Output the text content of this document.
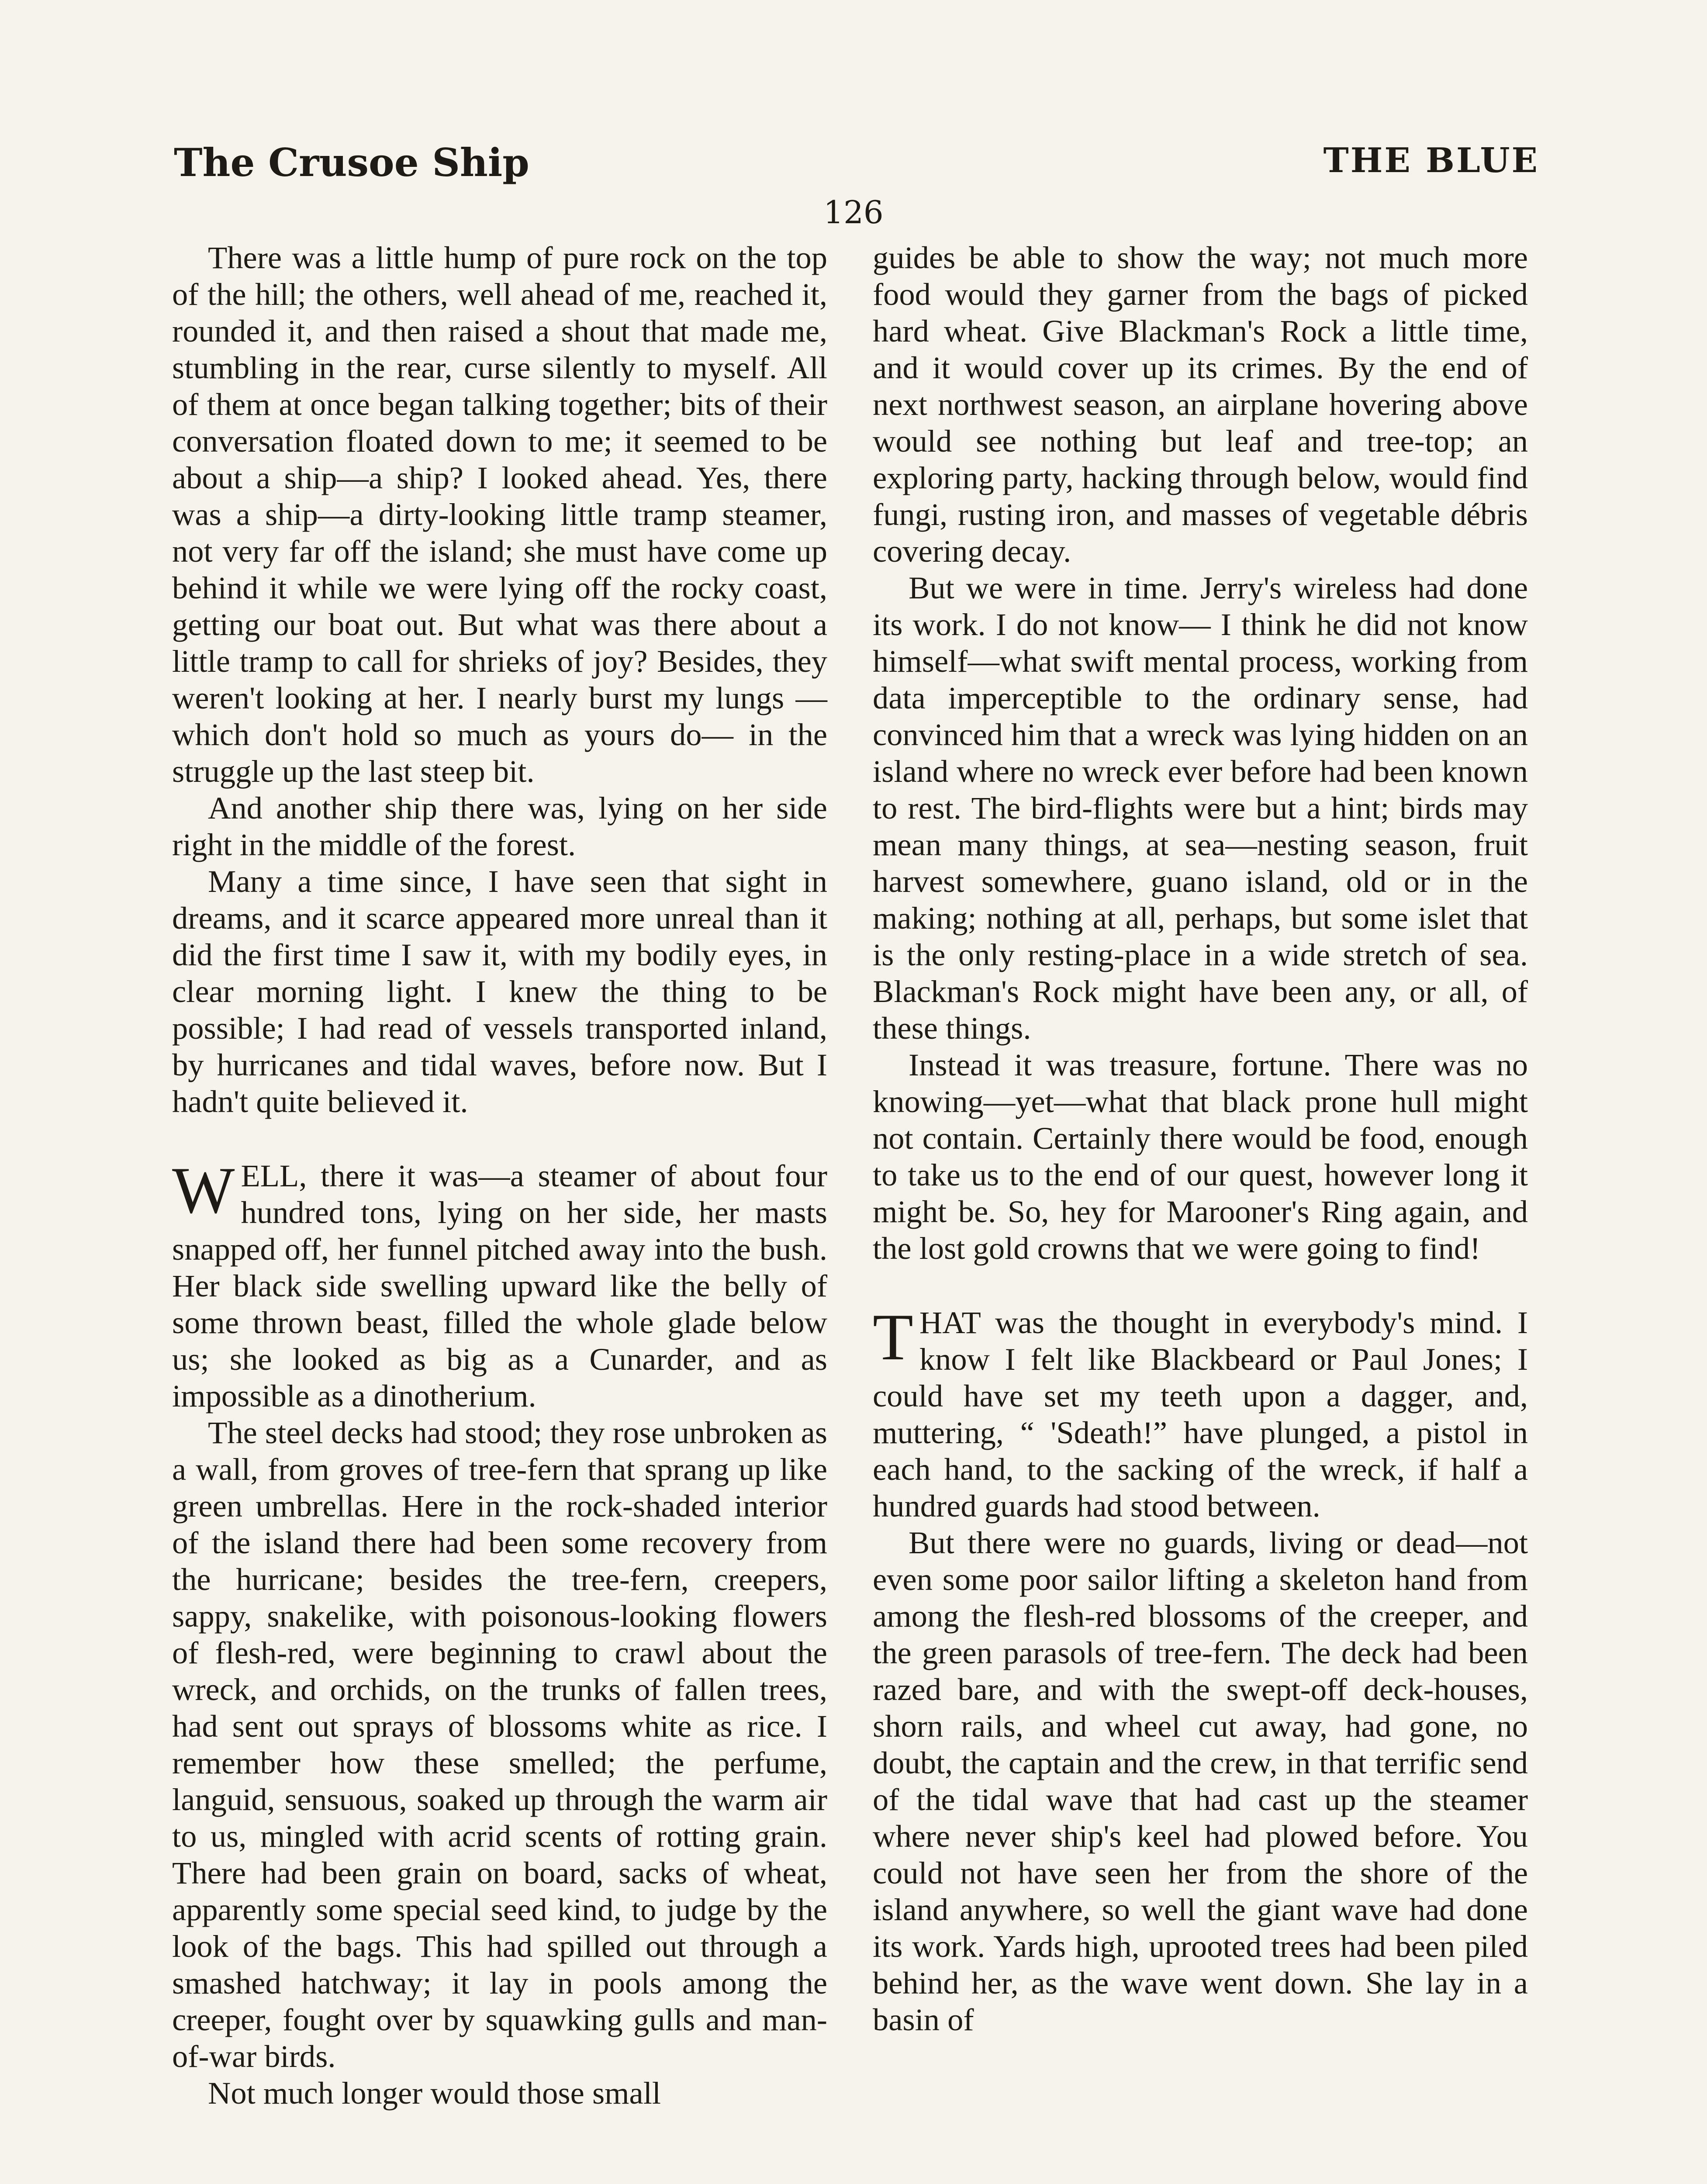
The Crusoe Ship	THE BLUE
126

There was a little hump of pure rock on the top of the hill; the others, well ahead of me, reached it, rounded it, and then raised a shout that made me, stumbling in the rear, curse silently to myself. All of them at once began talking together; bits of their conversation floated down to me; it seemed to be about a ship—a ship? I looked ahead. Yes, there was a ship—a dirty-looking little tramp steamer, not very far off the island; she must have come up behind it while we were lying off the rocky coast, getting our boat out. But what was there about a little tramp to call for shrieks of joy? Besides, they weren't looking at her. I nearly burst my lungs —which don't hold so much as yours do— in the struggle up the last steep bit.

And another ship there was, lying on her side right in the middle of the forest.

Many a time since, I have seen that sight in dreams, and it scarce appeared more unreal than it did the first time I saw it, with my bodily eyes, in clear morning light. I knew the thing to be possible; I had read of vessels transported inland, by hurricanes and tidal waves, before now. But I hadn't quite believed it.

WELL, there it was—a steamer of about four hundred tons, lying on her side, her masts snapped off, her funnel pitched away into the bush. Her black side swelling upward like the belly of some thrown beast, filled the whole glade below us; she looked as big as a Cunarder, and as impossible as a dinotherium.

The steel decks had stood; they rose unbroken as a wall, from groves of tree-fern that sprang up like green umbrellas. Here in the rock-shaded interior of the island there had been some recovery from the hurricane; besides the tree-fern, creepers, sappy, snakelike, with poisonous-looking flowers of flesh-red, were beginning to crawl about the wreck, and orchids, on the trunks of fallen trees, had sent out sprays of blossoms white as rice. I remember how these smelled; the perfume, languid, sensuous, soaked up through the warm air to us, mingled with acrid scents of rotting grain. There had been grain on board, sacks of wheat, apparently some special seed kind, to judge by the look of the bags. This had spilled out through a smashed hatchway; it lay in pools among the creeper, fought over by squawking gulls and man-of-war birds.

Not much longer would those small

guides be able to show the way; not much more food would they garner from the bags of picked hard wheat. Give Blackman's Rock a little time, and it would cover up its crimes. By the end of next northwest season, an airplane hovering above would see nothing but leaf and tree-top; an exploring party, hacking through below, would find fungi, rusting iron, and masses of vegetable débris covering decay.

But we were in time. Jerry's wireless had done its work. I do not know— I think he did not know himself—what swift mental process, working from data imperceptible to the ordinary sense, had convinced him that a wreck was lying hidden on an island where no wreck ever before had been known to rest. The bird-flights were but a hint; birds may mean many things, at sea—nesting season, fruit harvest somewhere, guano island, old or in the making; nothing at all, perhaps, but some islet that is the only resting-place in a wide stretch of sea. Blackman's Rock might have been any, or all, of these things.

Instead it was treasure, fortune. There was no knowing—yet—what that black prone hull might not contain. Certainly there would be food, enough to take us to the end of our quest, however long it might be. So, hey for Marooner's Ring again, and the lost gold crowns that we were going to find!

THAT was the thought in everybody's mind. I know I felt like Blackbeard or Paul Jones; I could have set my teeth upon a dagger, and, muttering, “ 'Sdeath!” have plunged, a pistol in each hand, to the sacking of the wreck, if half a hundred guards had stood between.

But there were no guards, living or dead—not even some poor sailor lifting a skeleton hand from among the flesh-red blossoms of the creeper, and the green parasols of tree-fern. The deck had been razed bare, and with the swept-off deck-houses, shorn rails, and wheel cut away, had gone, no doubt, the captain and the crew, in that terrific send of the tidal wave that had cast up the steamer where never ship's keel had plowed before. You could not have seen her from the shore of the island anywhere, so well the giant wave had done its work. Yards high, uprooted trees had been piled behind her, as the wave went down. She lay in a basin of
